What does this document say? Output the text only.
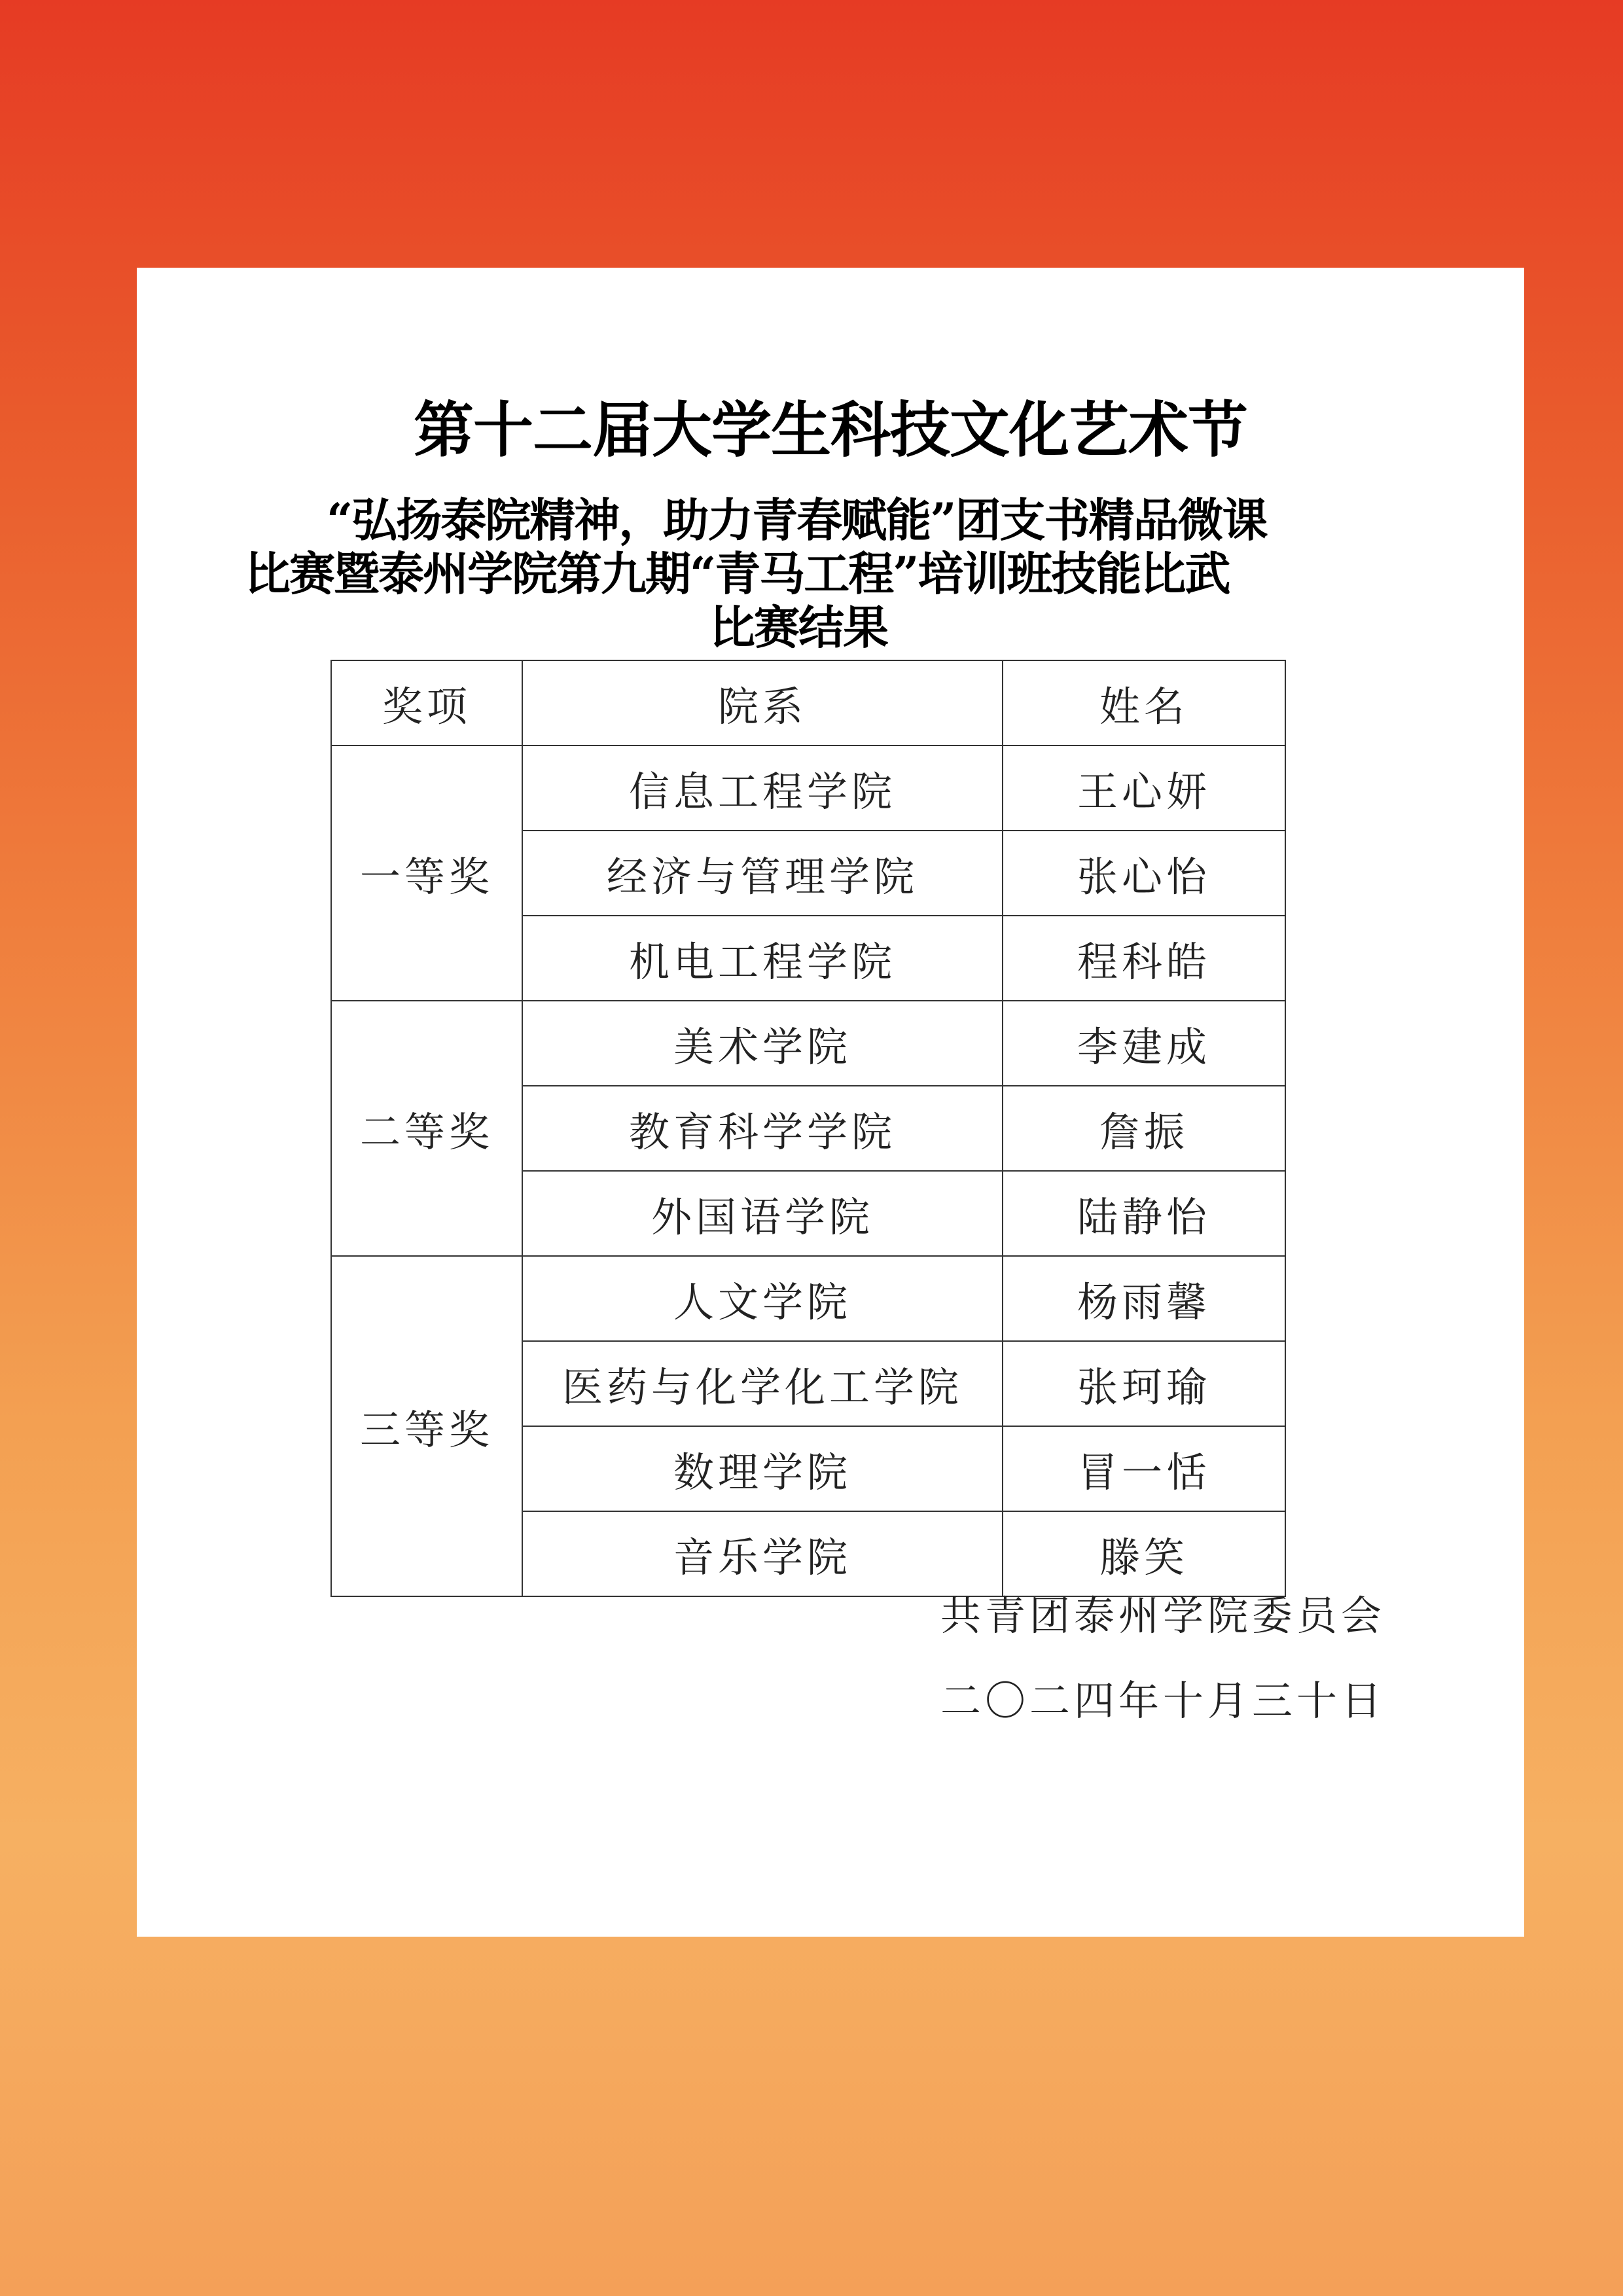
第十二届大学生科技文化艺术节
“弘扬泰院精神，助力青春赋能”团支书精品微课
比赛暨泰州学院第九期“青马工程”培训班技能比武
比赛结果
奖项	院系	姓名
一等奖	信息工程学院	王心妍
	经济与管理学院	张心怡
	机电工程学院	程科皓
二等奖	美术学院	李建成
	教育科学学院	詹振
	外国语学院	陆静怡
三等奖	人文学院	杨雨馨
	医药与化学化工学院	张珂瑜
	数理学院	冒一恬
	音乐学院	滕笑
共青团泰州学院委员会
二〇二四年十月三十日
